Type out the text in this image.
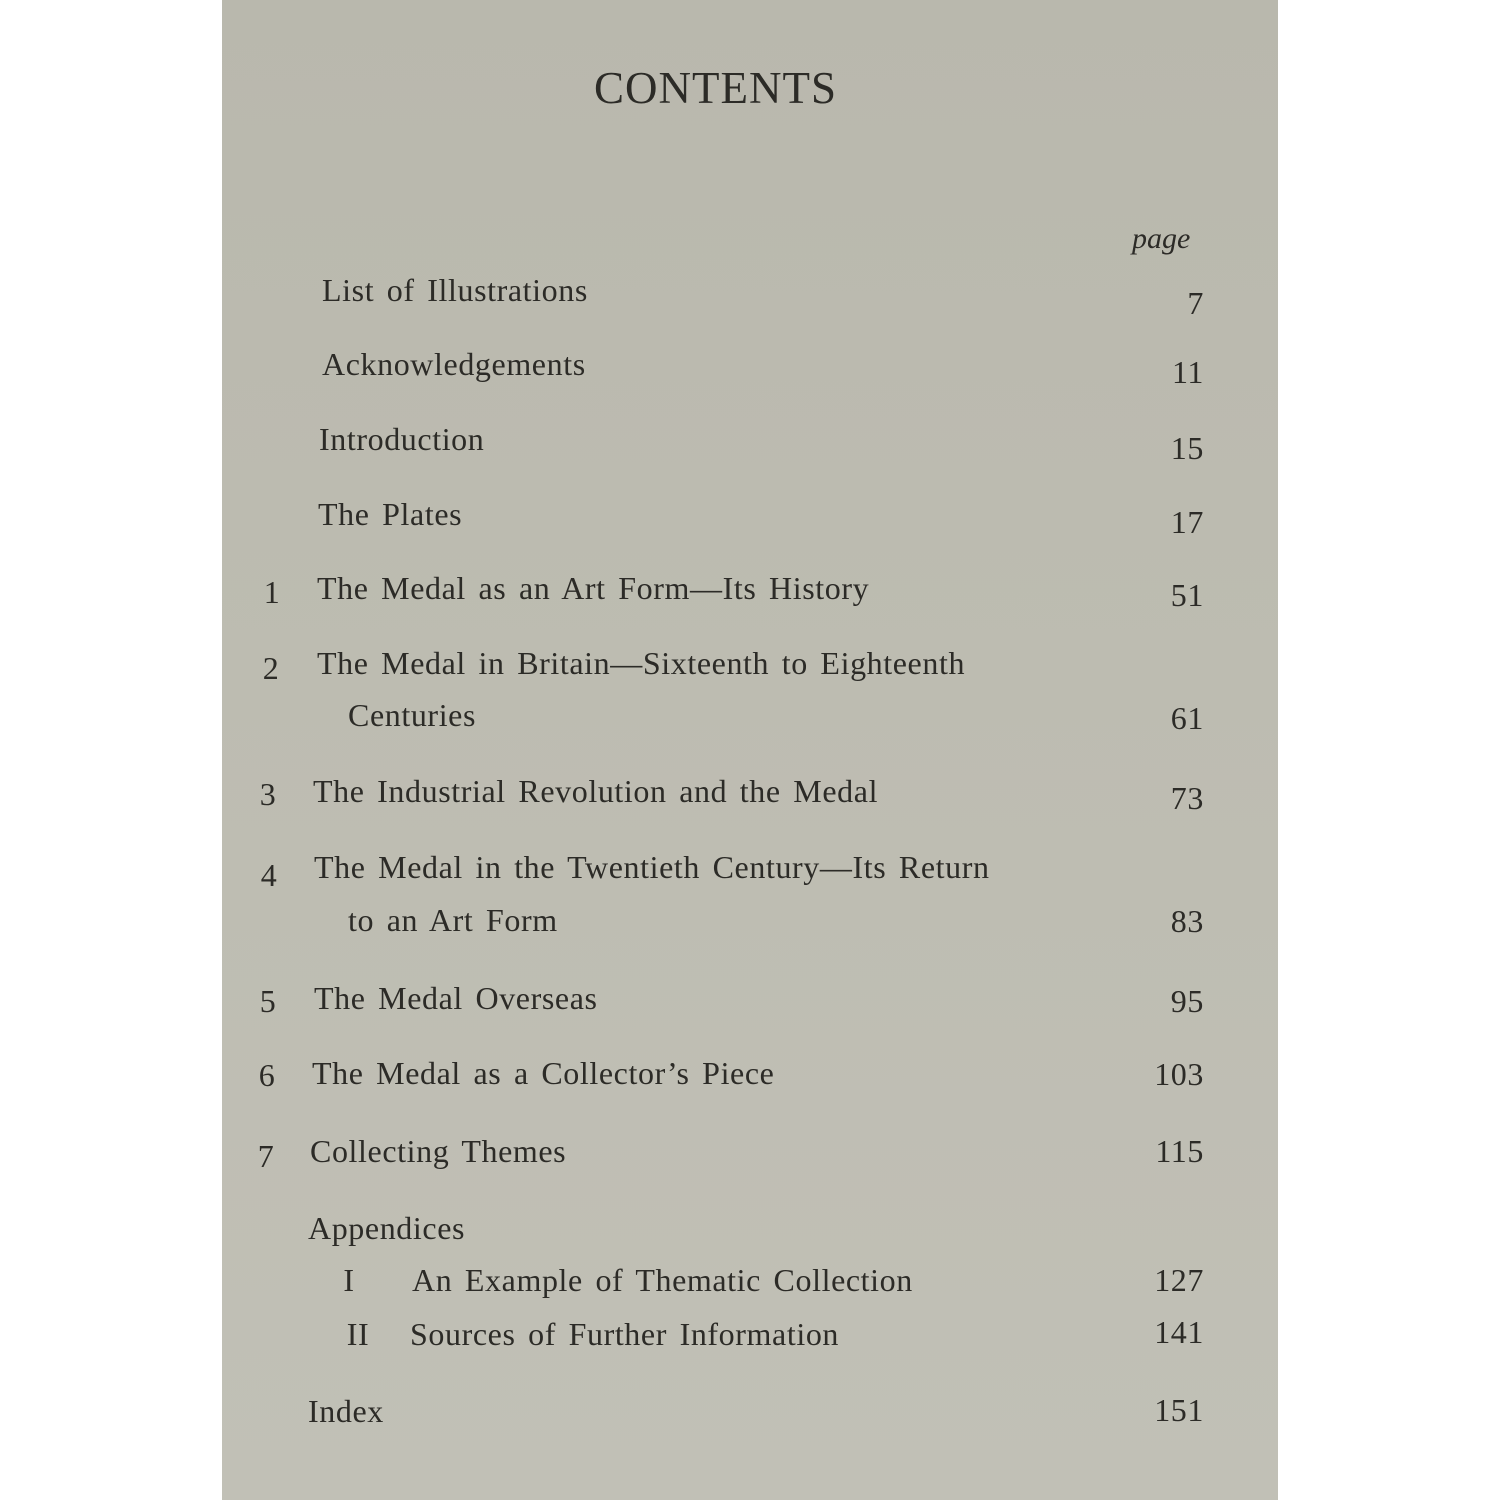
CONTENTS
page
List of Illustrations	7
Acknowledgements	11
Introduction	15
The Plates	17
1 The Medal as an Art Form—Its History	51
2 The Medal in Britain—Sixteenth to Eighteenth
Centuries	61
3 The Industrial Revolution and the Medal	73
4 The Medal in the Twentieth Century—Its Return
to an Art Form	83
5 The Medal Overseas	95
6 The Medal as a Collector’s Piece	103
7 Collecting Themes	115
Appendices
I An Example of Thematic Collection	127
II Sources of Further Information	141
Index	151
